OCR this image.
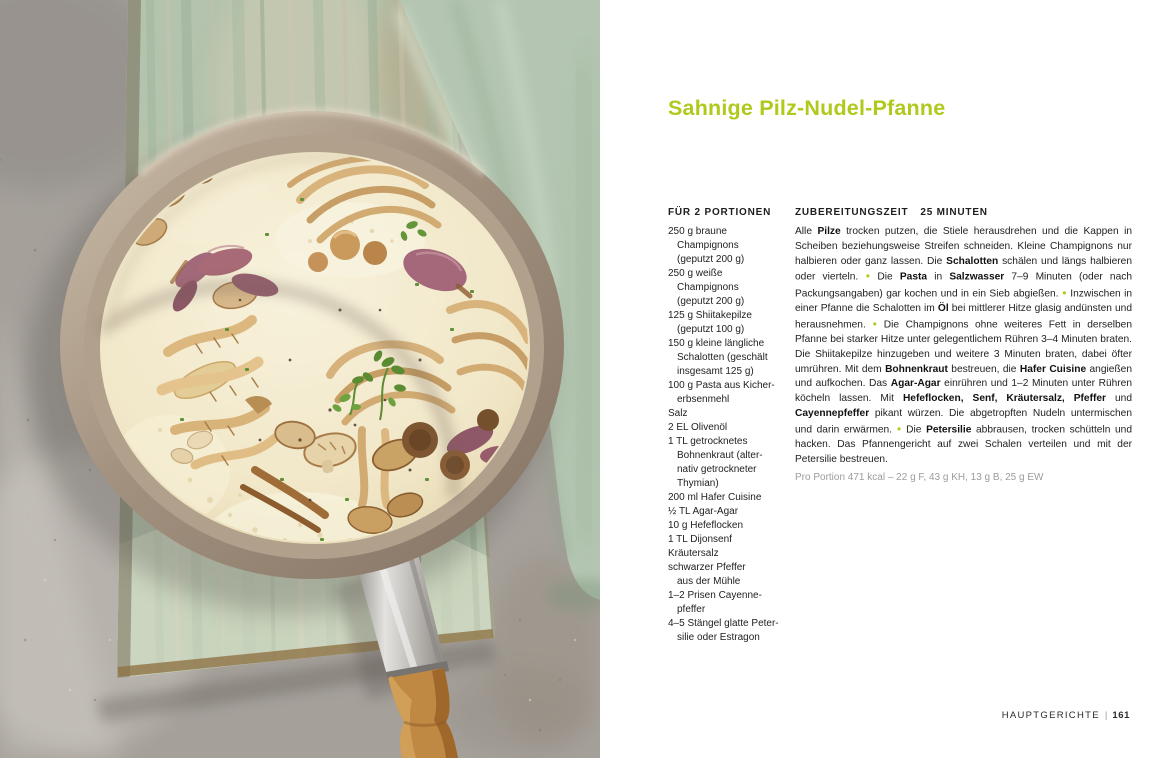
Sahnige Pilz-Nudel-Pfanne
FÜR 2 PORTIONEN
250 g braune
Champignons
(geputzt 200 g)
250 g weiße
Champignons
(geputzt 200 g)
125 g Shiitakepilze
(geputzt 100 g)
150 g kleine längliche
Schalotten (geschält
insgesamt 125 g)
100 g Pasta aus Kicher-
erbsenmehl
Salz
2 EL Olivenöl
1 TL getrocknetes
Bohnenkraut (alter-
nativ getrockneter
Thymian)
200 ml Hafer Cuisine
½ TL Agar-Agar
10 g Hefeflocken
1 TL Dijonsenf
Kräutersalz
schwarzer Pfeffer
aus der Mühle
1–2 Prisen Cayenne-
pfeffer
4–5 Stängel glatte Peter-
silie oder Estragon
ZUBEREITUNGSZEIT 25 MINUTEN

Alle Pilze trocken putzen, die Stiele herausdrehen und die Kappen in Scheiben beziehungsweise Streifen schneiden. Kleine Champignons nur halbieren oder ganz lassen. Die Schalotten schälen und längs halbieren oder vierteln. ● Die Pasta in Salzwasser 7–9 Minuten (oder nach Packungsangaben) gar kochen und in ein Sieb abgießen. ● Inzwischen in einer Pfanne die Schalotten im Öl bei mittlerer Hitze glasig andünsten und herausnehmen. ● Die Champignons ohne weiteres Fett in derselben Pfanne bei starker Hitze unter gelegentlichem Rühren 3–4 Minuten braten. Die Shiitakepilze hinzugeben und weitere 3 Minuten braten, dabei öfter umrühren. Mit dem Bohnenkraut bestreuen, die Hafer Cuisine angießen und aufkochen. Das Agar-Agar einrühren und 1–2 Minuten unter Rühren köcheln lassen. Mit Hefeflocken, Senf, Kräutersalz, Pfeffer und Cayennepfeffer pikant würzen. Die abgetropften Nudeln untermischen und darin erwärmen. ● Die Petersilie abbrausen, trocken schütteln und hacken. Das Pfannengericht auf zwei Schalen verteilen und mit der Petersilie bestreuen.

Pro Portion 471 kcal – 22 g F, 43 g KH, 13 g B, 25 g EW

HAUPTGERICHTE | 161
